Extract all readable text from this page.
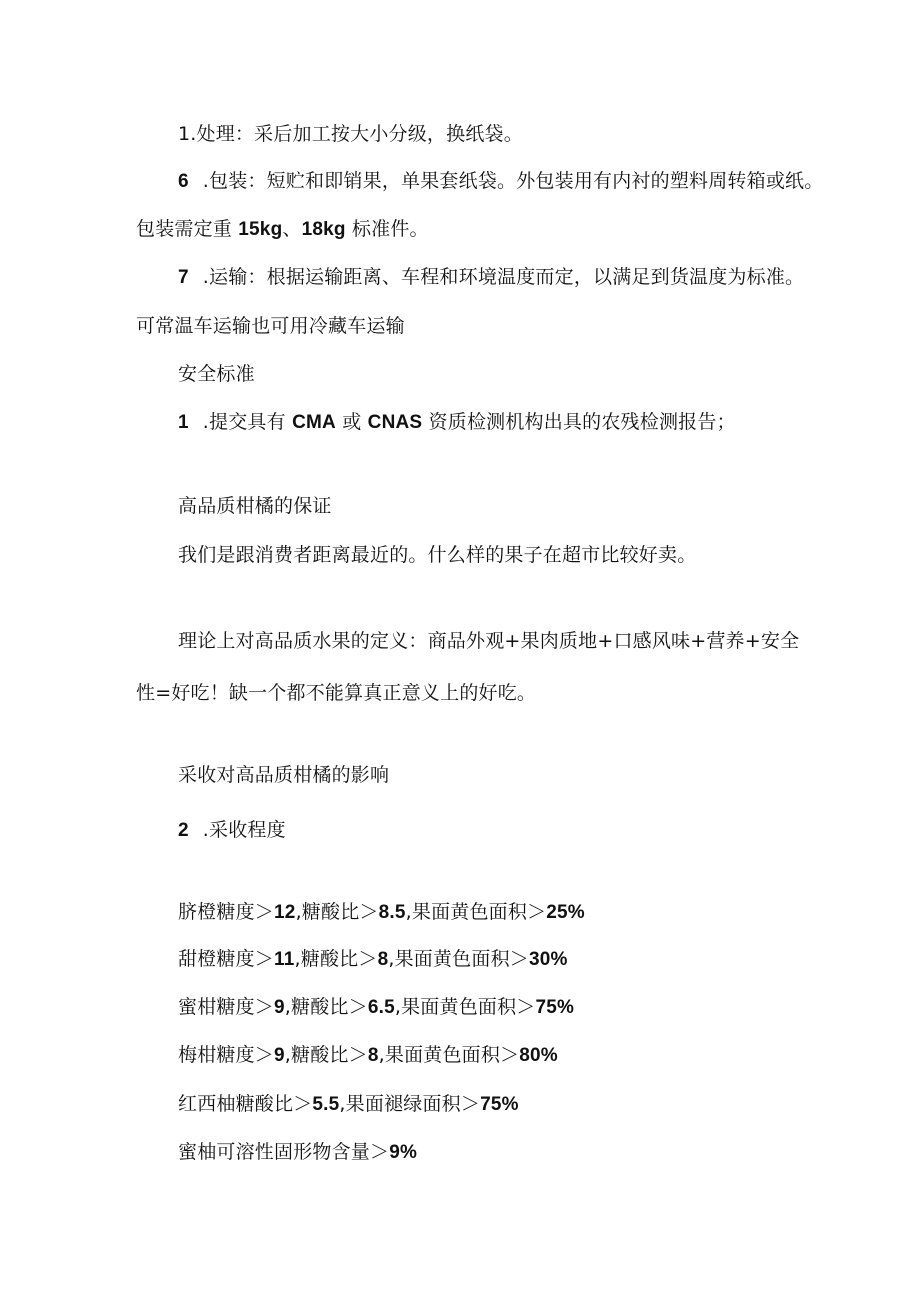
1.处理：采后加工按大小分级，换纸袋。
6 .包装：短贮和即销果，单果套纸袋。外包装用有内衬的塑料周转箱或纸。
包装需定重 15kg、18kg 标准件。
7 .运输：根据运输距离、车程和环境温度而定，以满足到货温度为标准。
可常温车运输也可用冷藏车运输
安全标准
1 .提交具有 CMA 或 CNAS 资质检测机构出具的农残检测报告；
高品质柑橘的保证
我们是跟消费者距离最近的。什么样的果子在超市比较好卖。
理论上对高品质水果的定义：商品外观+果肉质地+口感风味+营养+安全
性=好吃！缺一个都不能算真正意义上的好吃。
采收对高品质柑橘的影响
2 .采收程度
脐橙糖度＞12,糖酸比＞8.5,果面黄色面积＞25%
甜橙糖度＞11,糖酸比＞8,果面黄色面积＞30%
蜜柑糖度＞9,糖酸比＞6.5,果面黄色面积＞75%
梅柑糖度＞9,糖酸比＞8,果面黄色面积＞80%
红西柚糖酸比＞5.5,果面褪绿面积＞75%
蜜柚可溶性固形物含量＞9%
